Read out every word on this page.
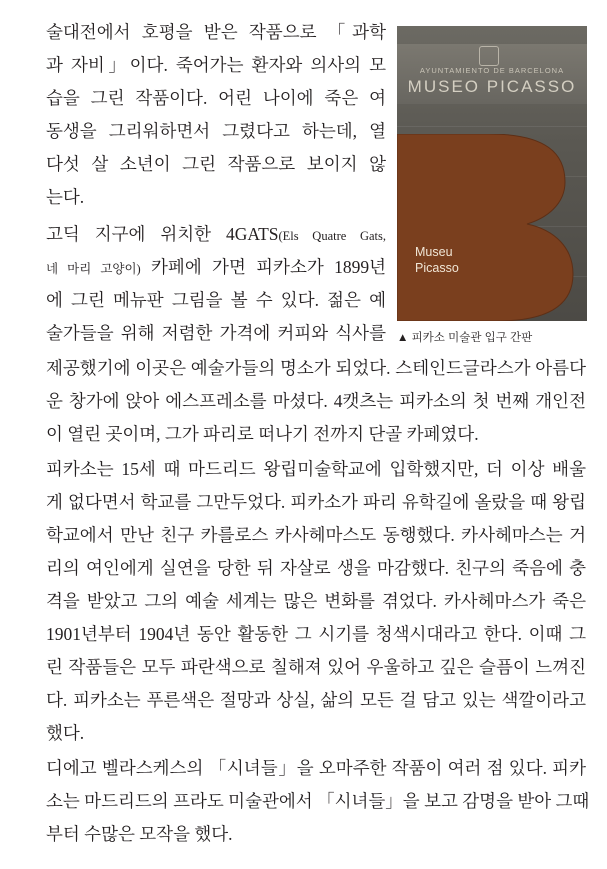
술대전에서 호평을 받은 작품으로 「과학
과 자비」이다. 죽어가는 환자와 의사의 모
습을 그린 작품이다. 어린 나이에 죽은 여
동생을 그리워하면서 그렸다고 하는데, 열
다섯 살 소년이 그린 작품으로 보이지 않
는다.
고딕 지구에 위치한 4GATS(Els Quatre Gats,
네 마리 고양이) 카페에 가면 피카소가 1899년
에 그린 메뉴판 그림을 볼 수 있다. 젊은 예
술가들을 위해 저렴한 가격에 커피와 식사를
제공했기에 이곳은 예술가들의 명소가 되었다. 스테인드글라스가 아름다
운 창가에 앉아 에스프레소를 마셨다. 4캣츠는 피카소의 첫 번째 개인전
이 열린 곳이며, 그가 파리로 떠나기 전까지 단골 카페였다.
피카소는 15세 때 마드리드 왕립미술학교에 입학했지만, 더 이상 배울
게 없다면서 학교를 그만두었다. 피카소가 파리 유학길에 올랐을 때 왕립
학교에서 만난 친구 카를로스 카사헤마스도 동행했다. 카사헤마스는 거
리의 여인에게 실연을 당한 뒤 자살로 생을 마감했다. 친구의 죽음에 충
격을 받았고 그의 예술 세계는 많은 변화를 겪었다. 카사헤마스가 죽은
1901년부터 1904년 동안 활동한 그 시기를 청색시대라고 한다. 이때 그
린 작품들은 모두 파란색으로 칠해져 있어 우울하고 깊은 슬픔이 느껴진
다. 피카소는 푸른색은 절망과 상실, 삶의 모든 걸 담고 있는 색깔이라고
했다.
디에고 벨라스케스의 「시녀들」을 오마주한 작품이 여러 점 있다. 피카
소는 마드리드의 프라도 미술관에서 「시녀들」을 보고 감명을 받아 그때
부터 수많은 모작을 했다.
AYUNTAMIENTO DE BARCELONA
MUSEO PICASSO
Museu
Picasso
▲ 피카소 미술관 입구 간판
